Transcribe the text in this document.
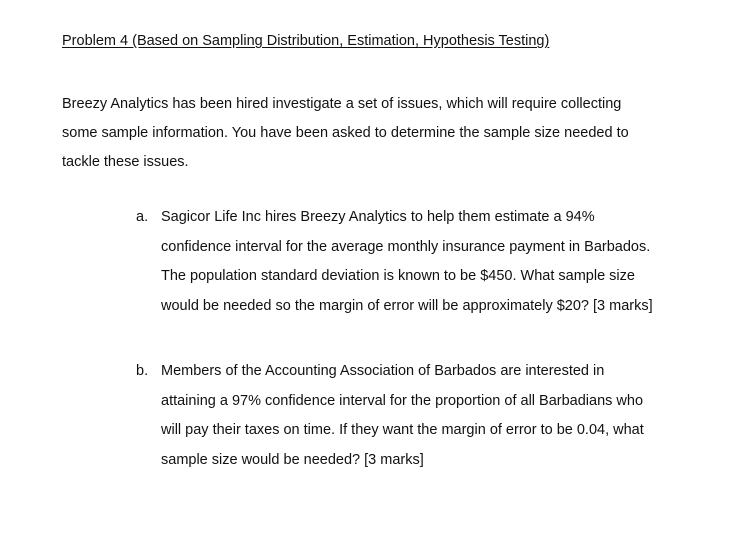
Problem 4 (Based on Sampling Distribution, Estimation, Hypothesis Testing)
Breezy Analytics has been hired investigate a set of issues, which will require collecting
some sample information. You have been asked to determine the sample size needed to
tackle these issues.
a. Sagicor Life Inc hires Breezy Analytics to help them estimate a 94%
confidence interval for the average monthly insurance payment in Barbados.
The population standard deviation is known to be $450. What sample size
would be needed so the margin of error will be approximately $20? [3 marks]
b. Members of the Accounting Association of Barbados are interested in
attaining a 97% confidence interval for the proportion of all Barbadians who
will pay their taxes on time. If they want the margin of error to be 0.04, what
sample size would be needed? [3 marks]
